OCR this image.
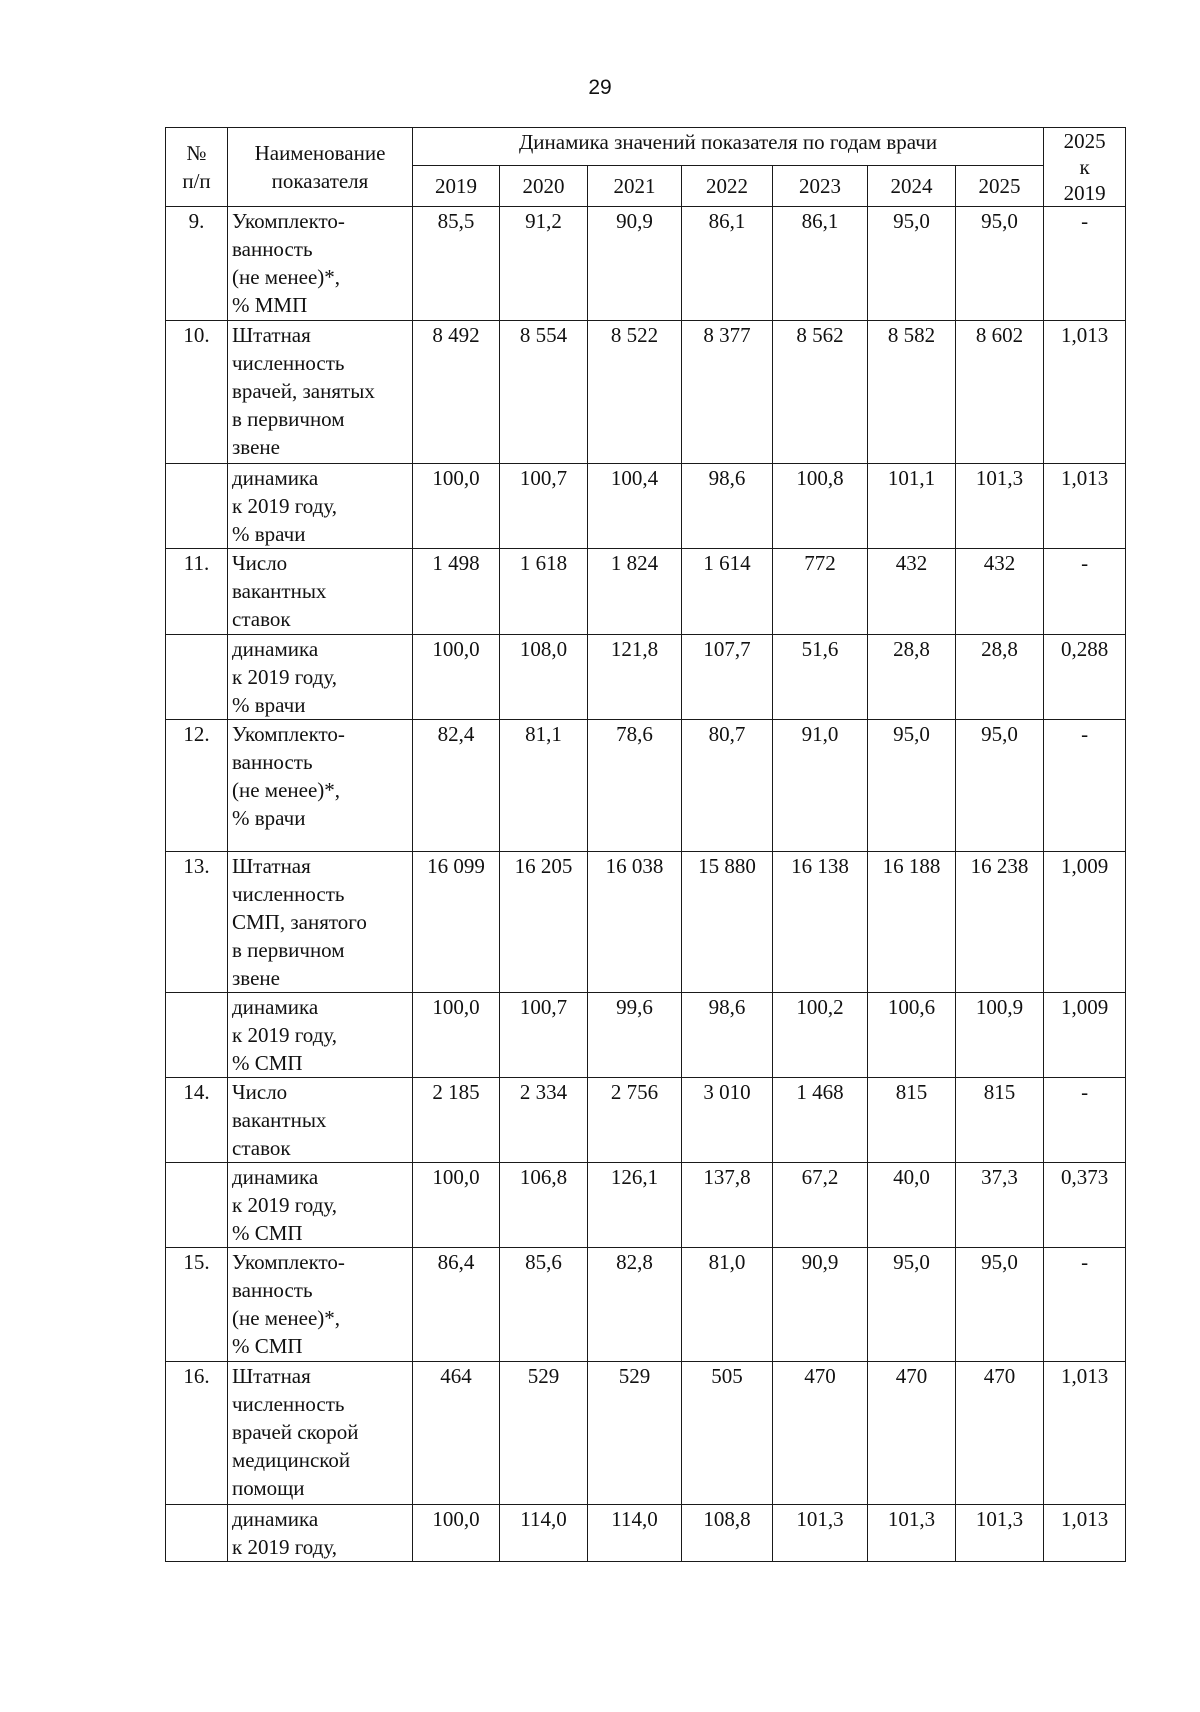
29
№
п/п	Наименование показателя	Динамика значений показателя по годам врачи							2025
к
2019
		2019	2020	2021	2022	2023	2024	2025	
9.	Укомплекто-
ванность
(не менее)*,
% ММП	85,5	91,2	90,9	86,1	86,1	95,0	95,0	-
10.	Штатная
численность
врачей, занятых
в первичном
звене	8 492	8 554	8 522	8 377	8 562	8 582	8 602	1,013
	динамика
к 2019 году,
% врачи	100,0	100,7	100,4	98,6	100,8	101,1	101,3	1,013
11.	Число
вакантных
ставок	1 498	1 618	1 824	1 614	772	432	432	-
	динамика
к 2019 году,
% врачи	100,0	108,0	121,8	107,7	51,6	28,8	28,8	0,288
12.	Укомплекто-
ванность
(не менее)*,
% врачи	82,4	81,1	78,6	80,7	91,0	95,0	95,0	-
13.	Штатная
численность
СМП, занятого
в первичном
звене	16 099	16 205	16 038	15 880	16 138	16 188	16 238	1,009
	динамика
к 2019 году,
% СМП	100,0	100,7	99,6	98,6	100,2	100,6	100,9	1,009
14.	Число
вакантных
ставок	2 185	2 334	2 756	3 010	1 468	815	815	-
	динамика
к 2019 году,
% СМП	100,0	106,8	126,1	137,8	67,2	40,0	37,3	0,373
15.	Укомплекто-
ванность
(не менее)*,
% СМП	86,4	85,6	82,8	81,0	90,9	95,0	95,0	-
16.	Штатная
численность
врачей скорой
медицинской
помощи	464	529	529	505	470	470	470	1,013
	динамика
к 2019 году,	100,0	114,0	114,0	108,8	101,3	101,3	101,3	1,013
